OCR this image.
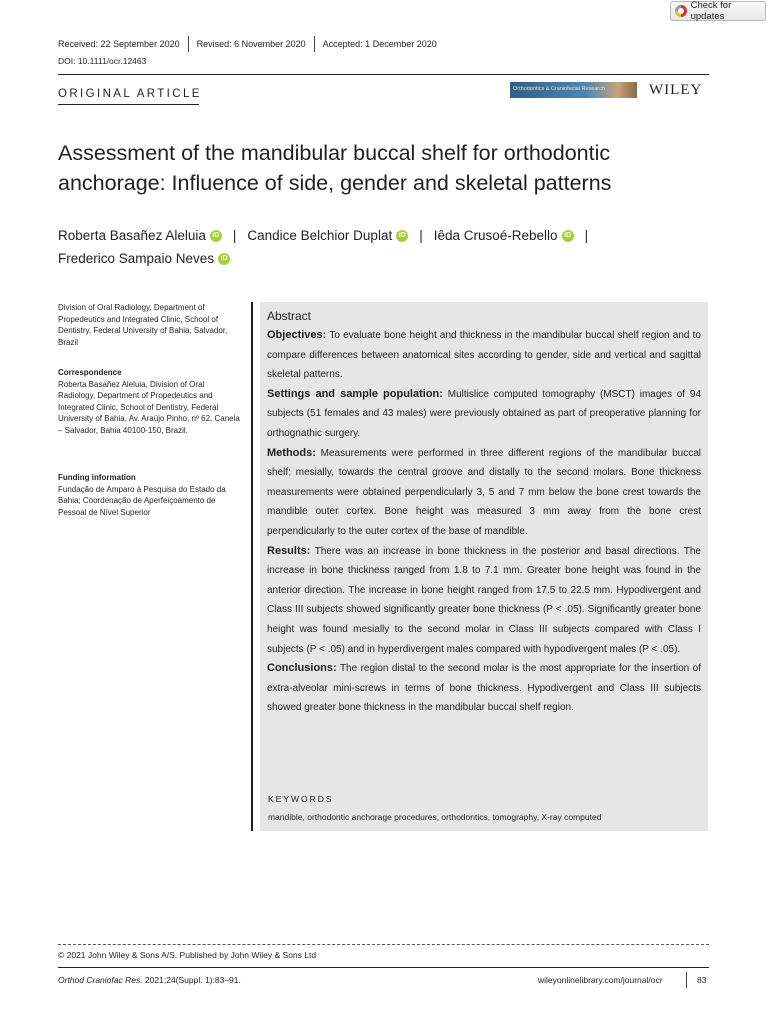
Check for updates
Received: 22 September 2020 Revised: 6 November 2020 Accepted: 1 December 2020
DOI: 10.1111/ocr.12463
ORIGINAL ARTICLE	Orthodontics & Craniofacial Research	WILEY
Assessment of the mandibular buccal shelf for orthodontic anchorage: Influence of side, gender and skeletal patterns
Roberta Basañez Aleluia iD | Candice Belchior Duplat iD | Iêda Crusoé-Rebello iD |
Frederico Sampaio Neves iD
Division of Oral Radiology, Department of Propedeutics and Integrated Clinic, School of Dentistry, Federal University of Bahia, Salvador, Brazil
Correspondence
Roberta Basañez Aleluia, Division of Oral Radiology, Department of Propedeutics and Integrated Clinic, School of Dentistry, Federal University of Bahia, Av. Araújo Pinho, nº 62, Canela – Salvador, Bahia 40100-150, Brazil.
Funding information
Fundação de Amparo à Pesquisa do Estado da Bahia; Coordenação de Aperfeiçoamento de Pessoal de Nível Superior
Abstract
Objectives: To evaluate bone height and thickness in the mandibular buccal shelf region and to compare differences between anatomical sites according to gender, side and vertical and sagittal skeletal patterns.
Settings and sample population: Multislice computed tomography (MSCT) images of 94 subjects (51 females and 43 males) were previously obtained as part of preoperative planning for orthognathic surgery.
Methods: Measurements were performed in three different regions of the mandibular buccal shelf: mesially, towards the central groove and distally to the second molars. Bone thickness measurements were obtained perpendicularly 3, 5 and 7 mm below the bone crest towards the mandible outer cortex. Bone height was measured 3 mm away from the bone crest perpendicularly to the outer cortex of the base of mandible.
Results: There was an increase in bone thickness in the posterior and basal directions. The increase in bone thickness ranged from 1.8 to 7.1 mm. Greater bone height was found in the anterior direction. The increase in bone height ranged from 17.5 to 22.5 mm. Hypodivergent and Class III subjects showed significantly greater bone thickness (P < .05). Significantly greater bone height was found mesially to the second molar in Class III subjects compared with Class I subjects (P < .05) and in hyperdivergent males compared with hypodivergent males (P < .05).
Conclusions: The region distal to the second molar is the most appropriate for the insertion of extra-alveolar mini-screws in terms of bone thickness. Hypodivergent and Class III subjects showed greater bone thickness in the mandibular buccal shelf region.
KEYWORDS
mandible, orthodontic anchorage procedures, orthodontics, tomography, X-ray computed
© 2021 John Wiley & Sons A/S. Published by John Wiley & Sons Ltd
Orthod Craniofac Res. 2021;24(Suppl. 1):83–91.	wileyonlinelibrary.com/journal/ocr	83
